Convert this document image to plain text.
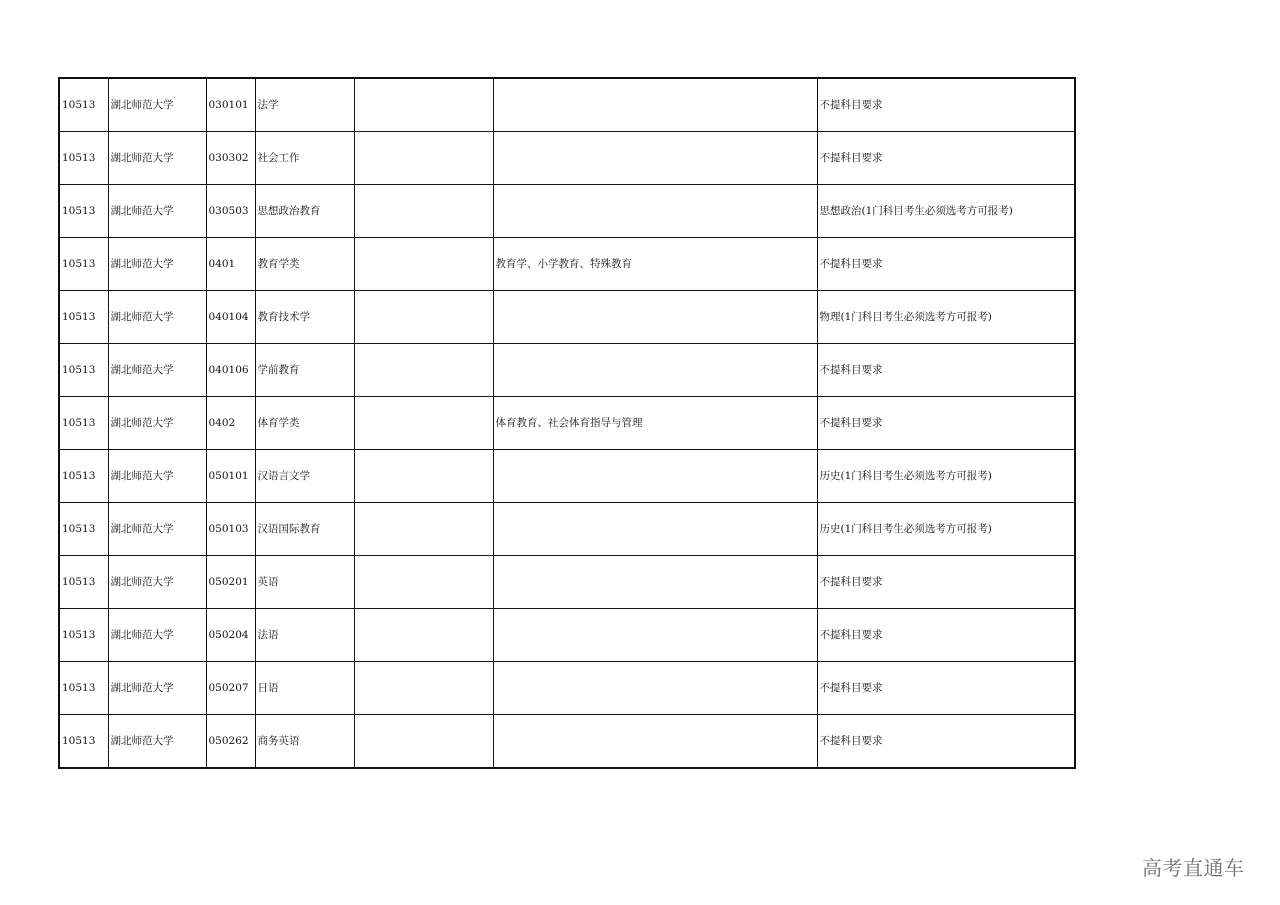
10513	湖北师范大学	030101	法学			不提科目要求
10513	湖北师范大学	030302	社会工作			不提科目要求
10513	湖北师范大学	030503	思想政治教育			思想政治(1门科目考生必须选考方可报考)
10513	湖北师范大学	0401	教育学类		教育学、小学教育、特殊教育	不提科目要求
10513	湖北师范大学	040104	教育技术学			物理(1门科目考生必须选考方可报考)
10513	湖北师范大学	040106	学前教育			不提科目要求
10513	湖北师范大学	0402	体育学类		体育教育、社会体育指导与管理	不提科目要求
10513	湖北师范大学	050101	汉语言文学			历史(1门科目考生必须选考方可报考)
10513	湖北师范大学	050103	汉语国际教育			历史(1门科目考生必须选考方可报考)
10513	湖北师范大学	050201	英语			不提科目要求
10513	湖北师范大学	050204	法语			不提科目要求
10513	湖北师范大学	050207	日语			不提科目要求
10513	湖北师范大学	050262	商务英语			不提科目要求
高考直通车
